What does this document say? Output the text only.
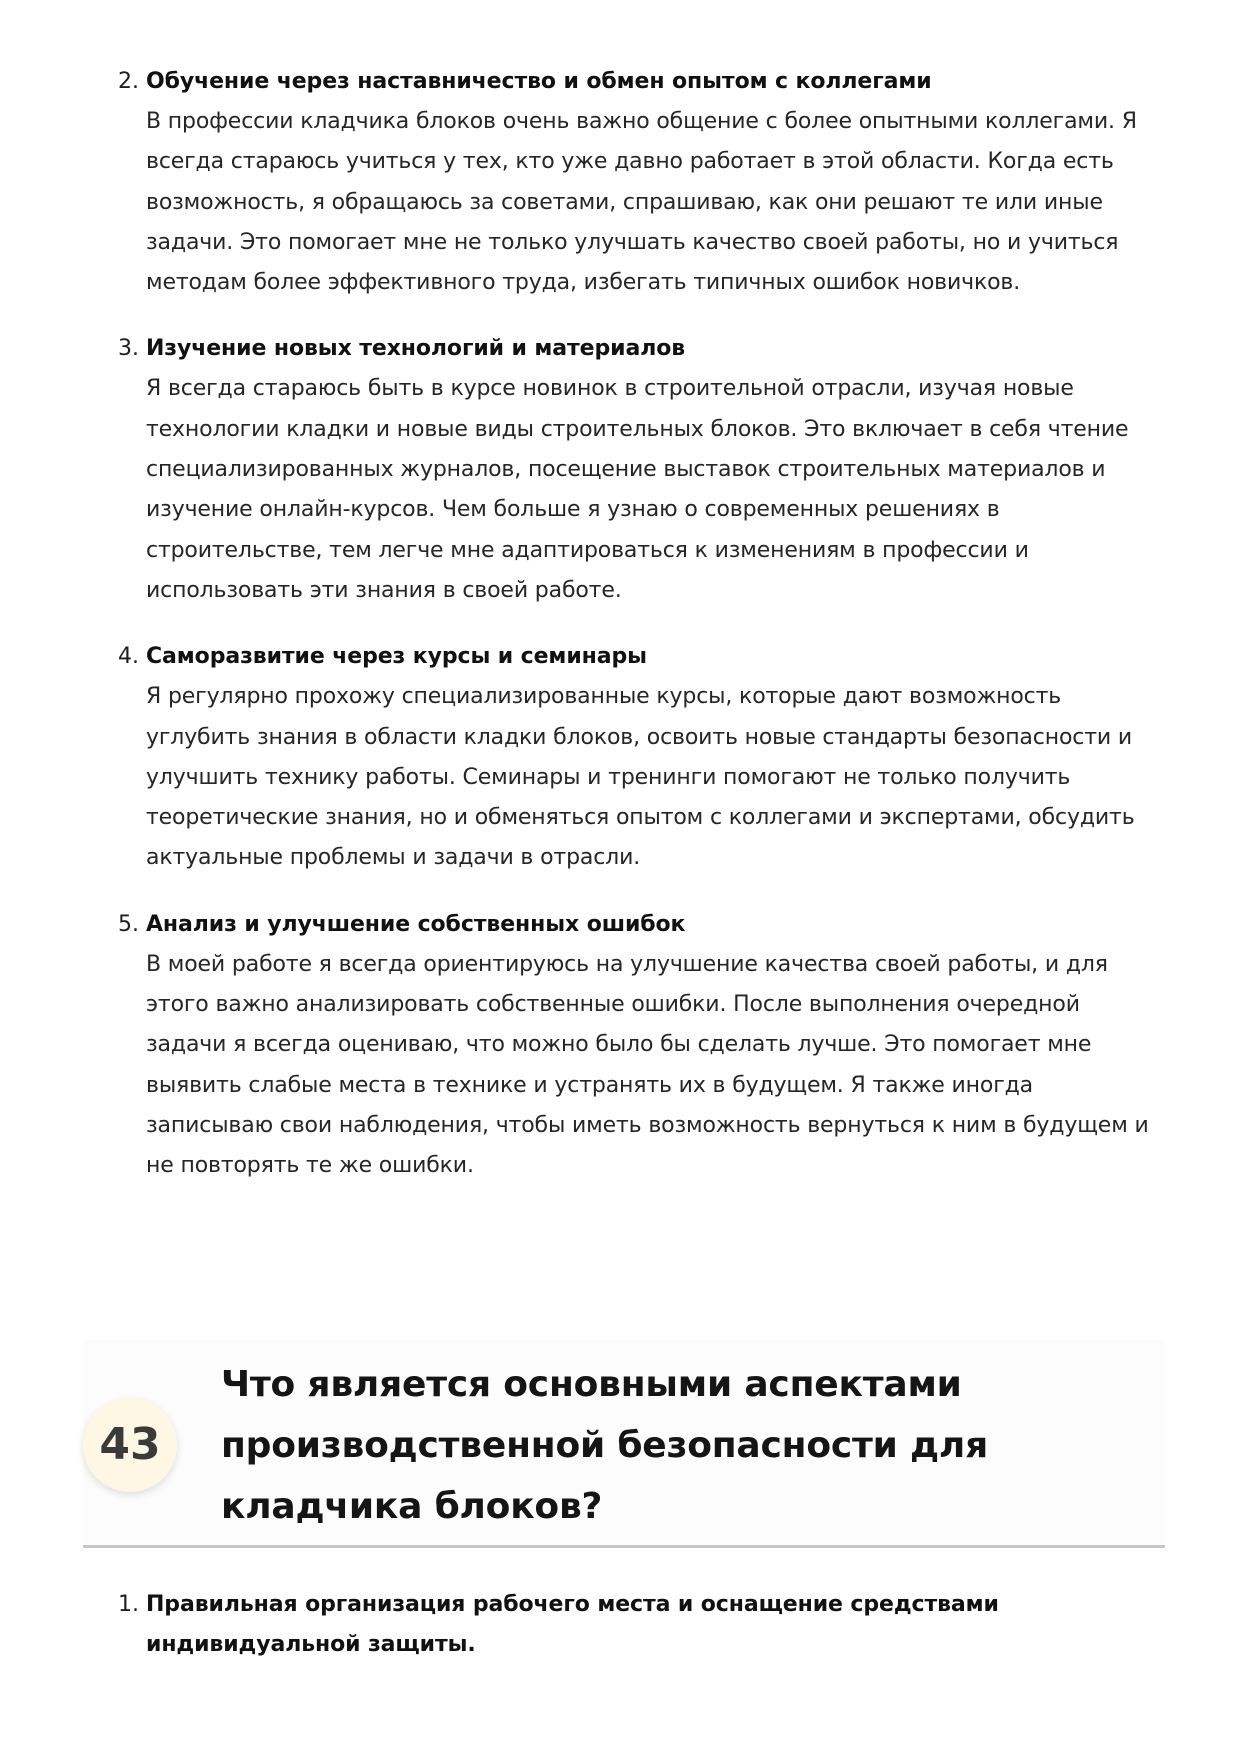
2. Обучение через наставничество и обмен опытом с коллегами
В профессии кладчика блоков очень важно общение с более опытными коллегами. Я всегда стараюсь учиться у тех, кто уже давно работает в этой области. Когда есть возможность, я обращаюсь за советами, спрашиваю, как они решают те или иные задачи. Это помогает мне не только улучшать качество своей работы, но и учиться методам более эффективного труда, избегать типичных ошибок новичков.
3. Изучение новых технологий и материалов
Я всегда стараюсь быть в курсе новинок в строительной отрасли, изучая новые технологии кладки и новые виды строительных блоков. Это включает в себя чтение специализированных журналов, посещение выставок строительных материалов и изучение онлайн-курсов. Чем больше я узнаю о современных решениях в строительстве, тем легче мне адаптироваться к изменениям в профессии и использовать эти знания в своей работе.
4. Саморазвитие через курсы и семинары
Я регулярно прохожу специализированные курсы, которые дают возможность углубить знания в области кладки блоков, освоить новые стандарты безопасности и улучшить технику работы. Семинары и тренинги помогают не только получить теоретические знания, но и обменяться опытом с коллегами и экспертами, обсудить актуальные проблемы и задачи в отрасли.
5. Анализ и улучшение собственных ошибок
В моей работе я всегда ориентируюсь на улучшение качества своей работы, и для этого важно анализировать собственные ошибки. После выполнения очередной задачи я всегда оцениваю, что можно было бы сделать лучше. Это помогает мне выявить слабые места в технике и устранять их в будущем. Я также иногда записываю свои наблюдения, чтобы иметь возможность вернуться к ним в будущем и не повторять те же ошибки.
43
Что является основными аспектами производственной безопасности для кладчика блоков?
1. Правильная организация рабочего места и оснащение средствами индивидуальной защиты.
